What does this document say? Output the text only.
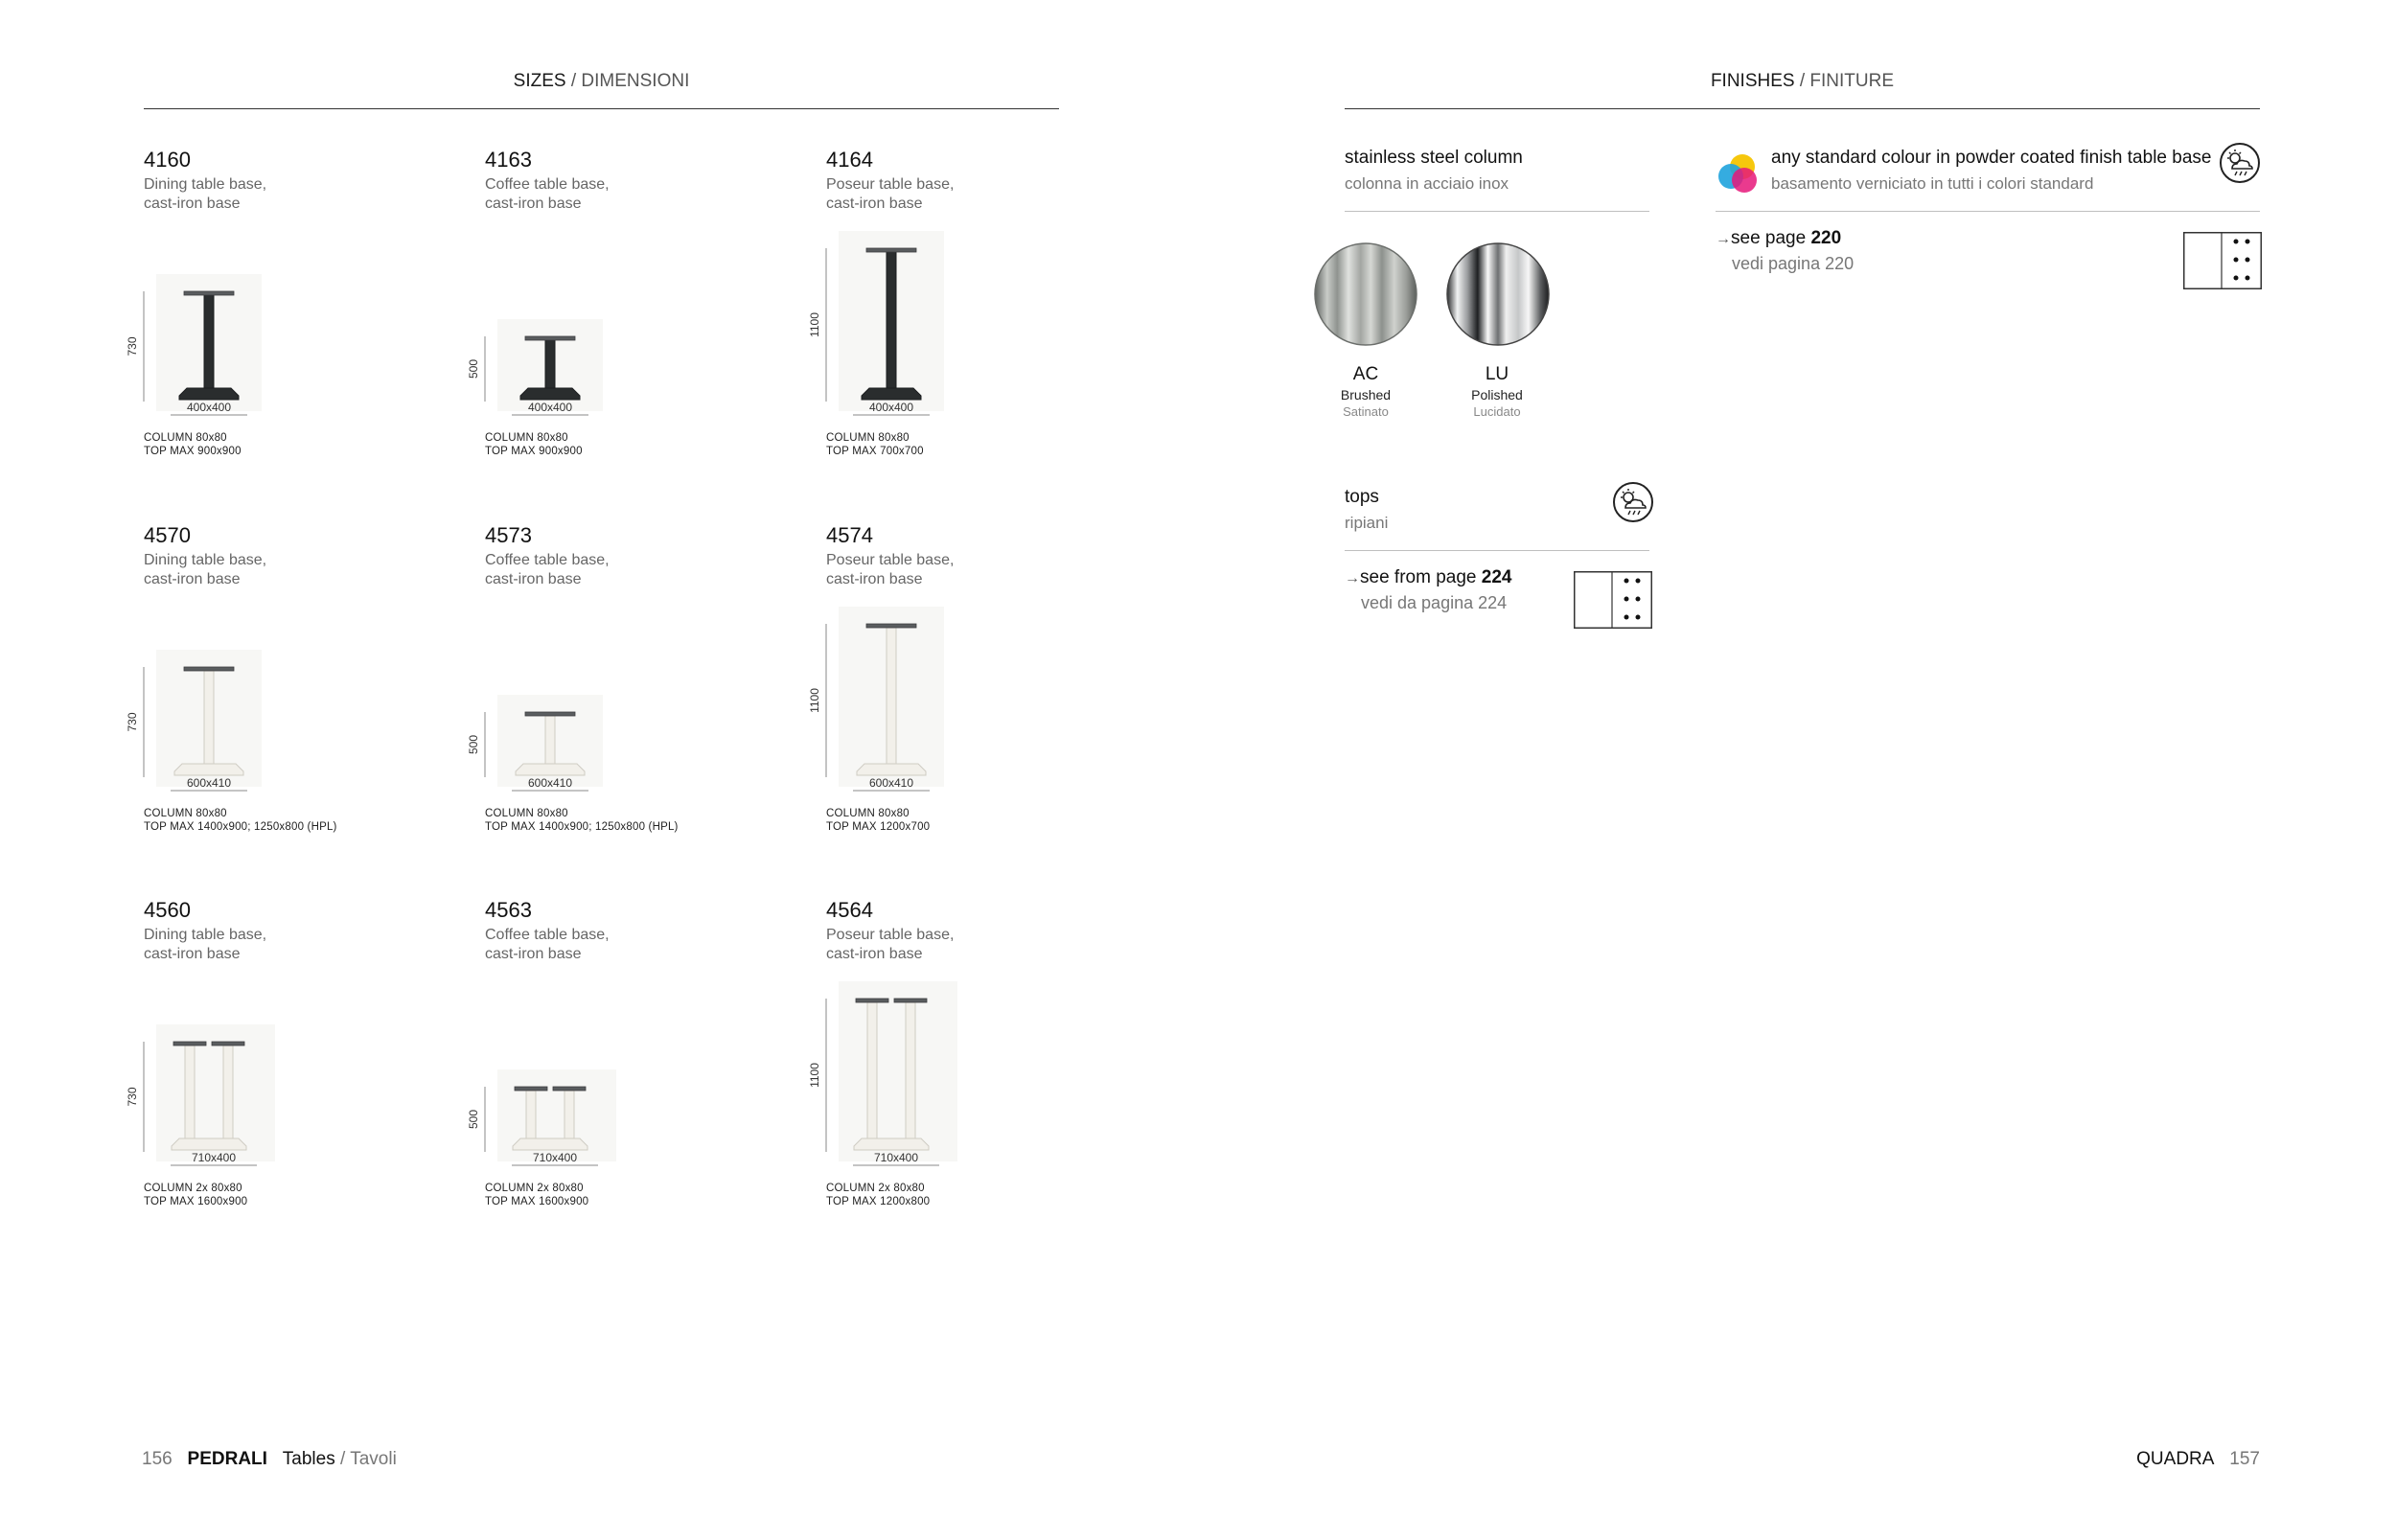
SIZES / DIMENSIONI
4160
Dining table base,
cast-iron base
730
400x400
COLUMN 80x80
TOP MAX 900x900
4163
Coffee table base,
cast-iron base
500
400x400
COLUMN 80x80
TOP MAX 900x900
4164
Poseur table base,
cast-iron base
1100
400x400
COLUMN 80x80
TOP MAX 700x700
4570
Dining table base,
cast-iron base
730
600x410
COLUMN 80x80
TOP MAX 1400x900; 1250x800 (HPL)
4573
Coffee table base,
cast-iron base
500
600x410
COLUMN 80x80
TOP MAX 1400x900; 1250x800 (HPL)
4574
Poseur table base,
cast-iron base
1100
600x410
COLUMN 80x80
TOP MAX 1200x700
4560
Dining table base,
cast-iron base
730
710x400
COLUMN 2x 80x80
TOP MAX 1600x900
4563
Coffee table base,
cast-iron base
500
710x400
COLUMN 2x 80x80
TOP MAX 1600x900
4564
Poseur table base,
cast-iron base
1100
710x400
COLUMN 2x 80x80
TOP MAX 1200x800
FINISHES / FINITURE
stainless steel column
colonna in acciaio inox
AC
Brushed
Satinato
LU
Polished
Lucidato
any standard colour in powder coated finish table base
basamento verniciato in tutti i colori standard
→see page 220
vedi pagina 220
tops
ripiani
→see from page 224
vedi da pagina 224
156 PEDRALI Tables / Tavoli	QUADRA 157
